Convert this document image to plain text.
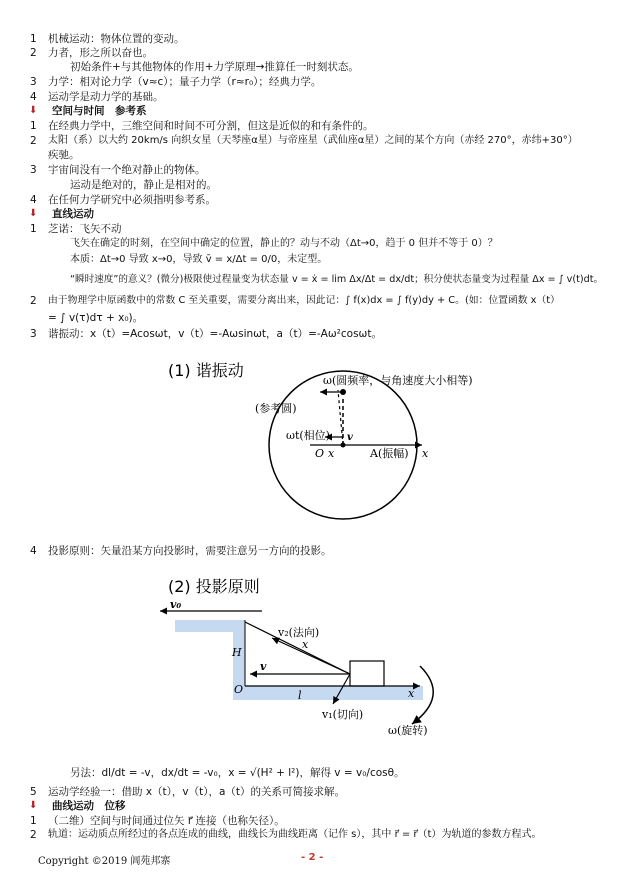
1 机械运动：物体位置的变动。
2 力者，形之所以奋也。
初始条件+与其他物体的作用+力学原理→推算任一时刻状态。
3 力学：相对论力学（v≈c）；量子力学（r≈r₀）；经典力学。
4 运动学是动力学的基础。
⬇ 空间与时间　参考系
1 在经典力学中，三维空间和时间不可分割，但这是近似的和有条件的。
2 太阳（系）以大约 20km/s 向织女星（天琴座α星）与帝座星（武仙座α星）之间的某个方向（赤经 270°，赤纬+30°）
疾驰。
3 宇宙间没有一个绝对静止的物体。
运动是绝对的，静止是相对的。
4 在任何力学研究中必须指明参考系。
⬇ 直线运动
1 芝诺：飞矢不动
飞矢在确定的时刻，在空间中确定的位置，静止的？动与不动（Δt→0，趋于 0 但并不等于 0）？
本质：Δt→0 导致 x→0，导致 v̄ = x/Δt = 0/0，未定型。
“瞬时速度”的意义？(微分)极限使过程量变为状态量 v = ẋ = lim Δx/Δt = dx/dt；积分使状态量变为过程量 Δx = ∫ v(t)dt。
2 由于物理学中原函数中的常数 C 至关重要，需要分离出来，因此记：∫ f(x)dx = ∫ f(y)dy + C。(如：位置函数 x（t）
= ∫ v(τ)dτ + x₀)。
3 谐振动：x（t）=Acosωt，v（t）=-Aωsinωt，a（t）=-Aω²cosωt。
(1) 谐振动
ω(圆频率，与角速度大小相等)
(参考圆)
ωt(相位) v
O x	A(振幅) x
4 投影原则：矢量沿某方向投影时，需要注意另一方向的投影。
(2) 投影原则
v₀
v₂(法向)
x
v
x
H
O	l
v₁(切向)
ω(旋转)
另法：dl/dt = -v，dx/dt = -v₀，x = √(H² + l²)，解得 v = v₀/cosθ。
5 运动学经验一：借助 x（t），v（t），a（t）的关系可简接求解。
⬇ 曲线运动　位移
1 （二维）空间与时间通过位矢 r⃗ 连接（也称矢径）。
2 轨道：运动质点所经过的各点连成的曲线，曲线长为曲线距离（记作 s），其中 r⃗ = r⃗（t）为轨道的参数方程式。
Copyright ©2019 阊苑邦寨	- 2 -
